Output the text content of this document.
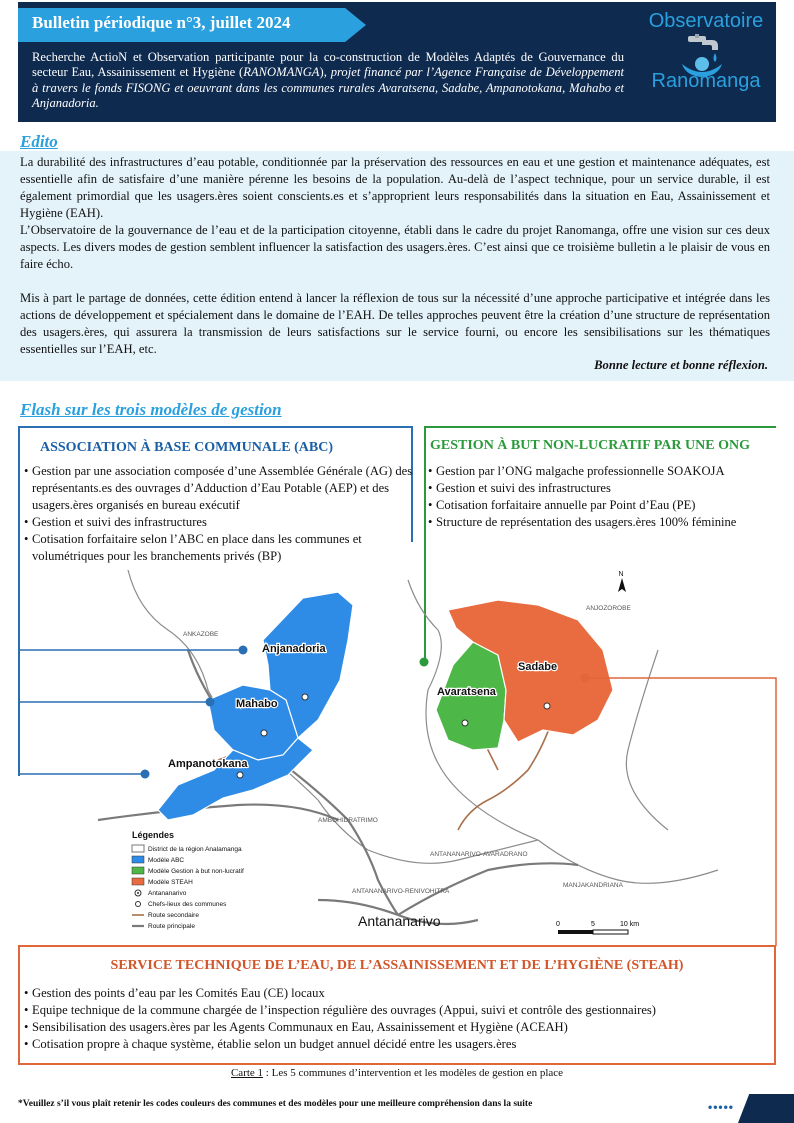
Bulletin périodique n°3, juillet 2024
Recherche ActioN et Observation participante pour la co-construction de Modèles Adaptés de Gouvernance du secteur Eau, Assainissement et Hygiène (RANOMANGA), projet financé par l’Agence Française de Développement à travers le fonds FISONG et oeuvrant dans les communes rurales Avaratsena, Sadabe, Ampanotokana, Mahabo et Anjanadoria.
Observatoire
Ranomanga
Edito

La durabilité des infrastructures d’eau potable, conditionnée par la préservation des ressources en eau et une gestion et maintenance adéquates, est essentielle afin de satisfaire d’une manière pérenne les besoins de la population. Au-delà de l’aspect technique, pour un service durable, il est également primordial que les usagers.ères soient conscients.es et s’approprient leurs responsabilités dans la situation en Eau, Assainissement et Hygiène (EAH).

L’Observatoire de la gouvernance de l’eau et de la participation citoyenne, établi dans le cadre du projet Ranomanga, offre une vision sur ces deux aspects. Les divers modes de gestion semblent influencer la satisfaction des usagers.ères. C’est ainsi que ce troisième bulletin a le plaisir de vous en faire écho.

Mis à part le partage de données, cette édition entend à lancer la réflexion de tous sur la nécessité d’une approche participative et intégrée dans les actions de développement et spécialement dans le domaine de l’EAH. De telles approches peuvent être la création d’une structure de représentation des usagers.ères, qui assurera la transmission de leurs satisfactions sur le service fourni, ou encore les sensibilisations sur les thématiques essentielles sur l’EAH, etc.

Bonne lecture et bonne réflexion.
Flash sur les trois modèles de gestion
ASSOCIATION À BASE COMMUNALE (ABC)
• Gestion par une association composée d’une Assemblée Générale (AG) des représentants.es des ouvrages d’Adduction d’Eau Potable (AEP) et des usagers.ères organisés en bureau exécutif
• Gestion et suivi des infrastructures
• Cotisation forfaitaire selon l’ABC en place dans les communes et volumétriques pour les branchements privés (BP)
GESTION À BUT NON-LUCRATIF PAR UNE ONG
• Gestion par l’ONG malgache professionnelle SOAKOJA
• Gestion et suivi des infrastructures
• Cotisation forfaitaire annuelle par Point d’Eau (PE)
• Structure de représentation des usagers.ères 100% féminine
Anjanadoria
Mahabo
Ampanotokana
Avaratsena
Sadabe
ANKAZOBE
ANJOZOROBE
AMBOHIDRATRIMO
ANTANANARIVO-AVARADRANO
MANJAKANDRIANA
ANTANANARIVO-RENIVOHITRA
Antananarivo
N
0	5	10 km
Légendes
District de la région Analamanga
Modèle ABC
Modèle Gestion à but non-lucratif
Modèle STEAH
Antananarivo
Chefs-lieux des communes
Route secondaire
Route principale
SERVICE TECHNIQUE DE L’EAU, DE L’ASSAINISSEMENT ET DE L’HYGIÈNE (STEAH)
• Gestion des points d’eau par les Comités Eau (CE) locaux
• Equipe technique de la commune chargée de l’inspection régulière des ouvrages (Appui, suivi et contrôle des gestionnaires)
• Sensibilisation des usagers.ères par les Agents Communaux en Eau, Assainissement et Hygiène (ACEAH)
• Cotisation propre à chaque système, établie selon un budget annuel décidé entre les usagers.ères
Carte 1 : Les 5 communes d’intervention et les modèles de gestion en place
*Veuillez s’il vous plaît retenir les codes couleurs des communes et des modèles pour une meilleure compréhension dans la suite	•••••
